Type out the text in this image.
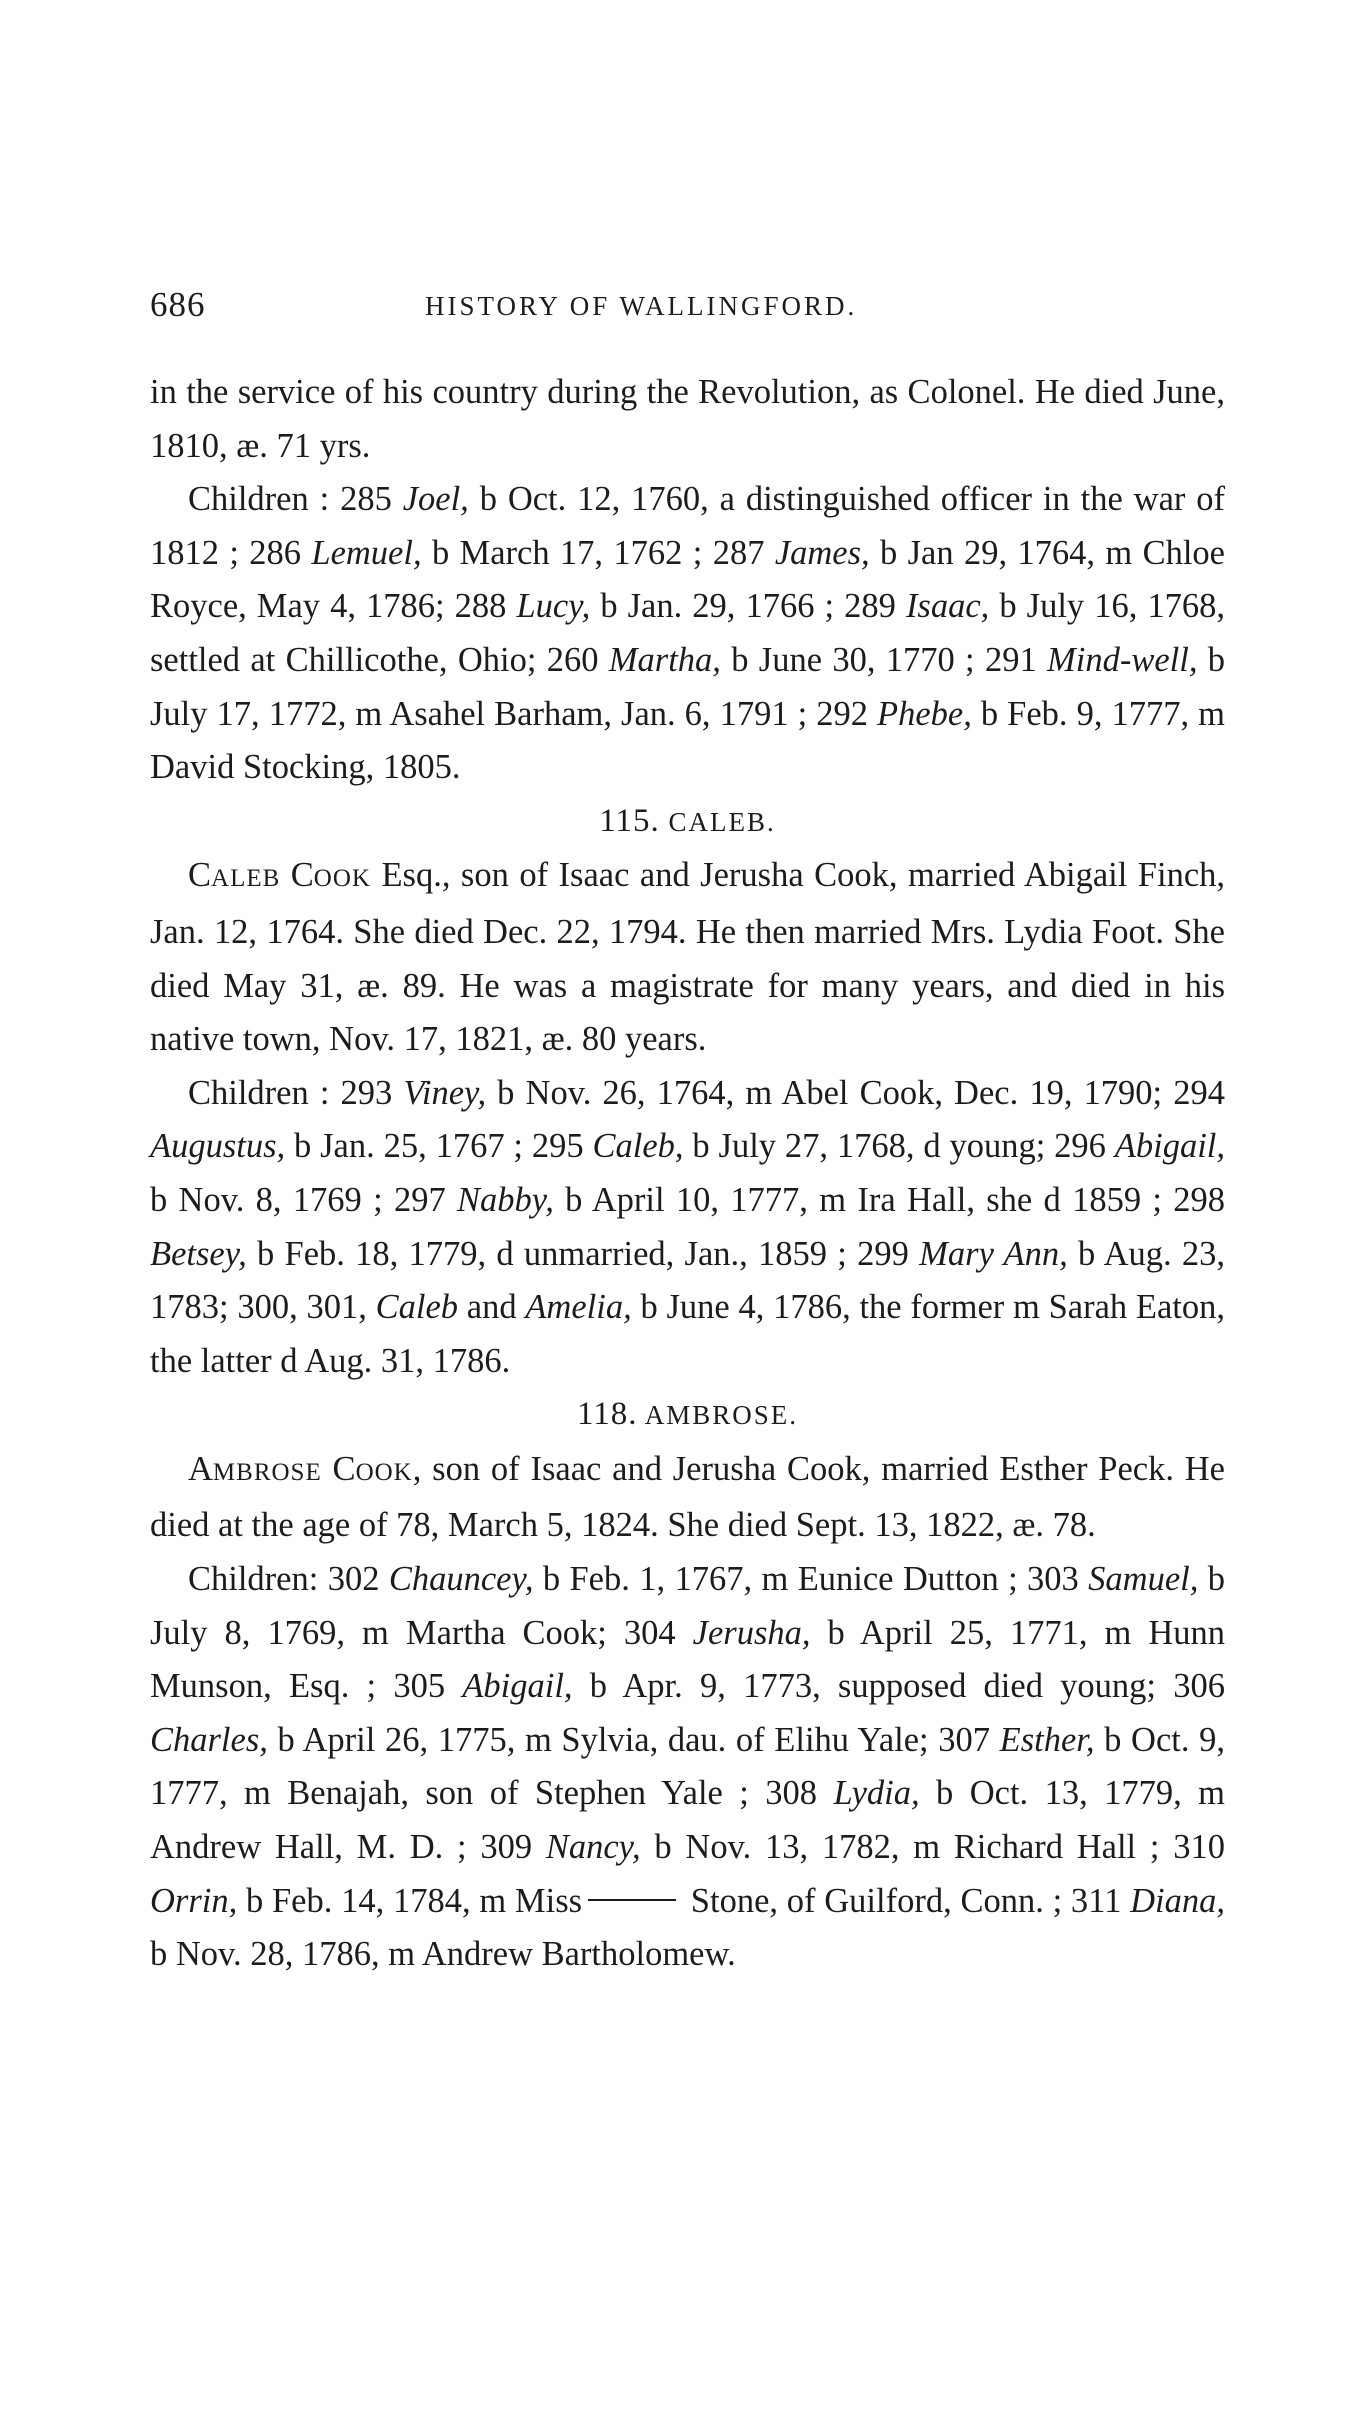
686	HISTORY OF WALLINGFORD.

in the service of his country during the Revolution, as Colonel. He died June, 1810, æ. 71 yrs.

Children : 285 Joel, b Oct. 12, 1760, a distinguished officer in the war of 1812 ; 286 Lemuel, b March 17, 1762 ; 287 James, b Jan 29, 1764, m Chloe Royce, May 4, 1786; 288 Lucy, b Jan. 29, 1766 ; 289 Isaac, b July 16, 1768, settled at Chillicothe, Ohio; 260 Martha, b June 30, 1770 ; 291 Mind-well, b July 17, 1772, m Asahel Barham, Jan. 6, 1791 ; 292 Phebe, b Feb. 9, 1777, m David Stocking, 1805.

115. CALEB.

CALEB COOK Esq., son of Isaac and Jerusha Cook, married Abigail Finch, Jan. 12, 1764. She died Dec. 22, 1794. He then married Mrs. Lydia Foot. She died May 31, æ. 89. He was a magistrate for many years, and died in his native town, Nov. 17, 1821, æ. 80 years.

Children : 293 Viney, b Nov. 26, 1764, m Abel Cook, Dec. 19, 1790; 294 Augustus, b Jan. 25, 1767 ; 295 Caleb, b July 27, 1768, d young; 296 Abigail, b Nov. 8, 1769 ; 297 Nabby, b April 10, 1777, m Ira Hall, she d 1859 ; 298 Betsey, b Feb. 18, 1779, d unmarried, Jan., 1859 ; 299 Mary Ann, b Aug. 23, 1783; 300, 301, Caleb and Amelia, b June 4, 1786, the former m Sarah Eaton, the latter d Aug. 31, 1786.

118. AMBROSE.

AMBROSE COOK, son of Isaac and Jerusha Cook, married Esther Peck. He died at the age of 78, March 5, 1824. She died Sept. 13, 1822, æ. 78.

Children: 302 Chauncey, b Feb. 1, 1767, m Eunice Dutton ; 303 Samuel, b July 8, 1769, m Martha Cook; 304 Jerusha, b April 25, 1771, m Hunn Munson, Esq. ; 305 Abigail, b Apr. 9, 1773, supposed died young; 306 Charles, b April 26, 1775, m Sylvia, dau. of Elihu Yale; 307 Esther, b Oct. 9, 1777, m Benajah, son of Stephen Yale ; 308 Lydia, b Oct. 13, 1779, m Andrew Hall, M. D. ; 309 Nancy, b Nov. 13, 1782, m Richard Hall ; 310 Orrin, b Feb. 14, 1784, m Miss	Stone, of Guilford, Conn. ; 311 Diana, b Nov. 28, 1786, m Andrew Bartholomew.
